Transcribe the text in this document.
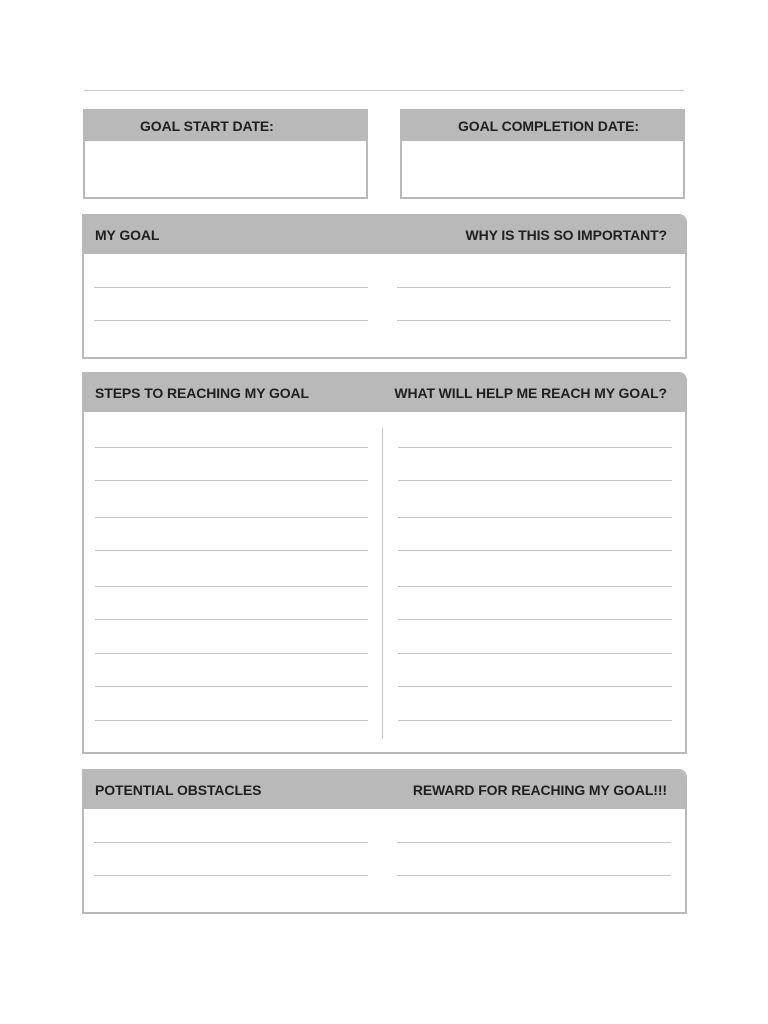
GOAL START DATE:	GOAL COMPLETION DATE:
MY GOAL	WHY IS THIS SO IMPORTANT?
STEPS TO REACHING MY GOAL	WHAT WILL HELP ME REACH MY GOAL?
POTENTIAL OBSTACLES	REWARD FOR REACHING MY GOAL!!!
